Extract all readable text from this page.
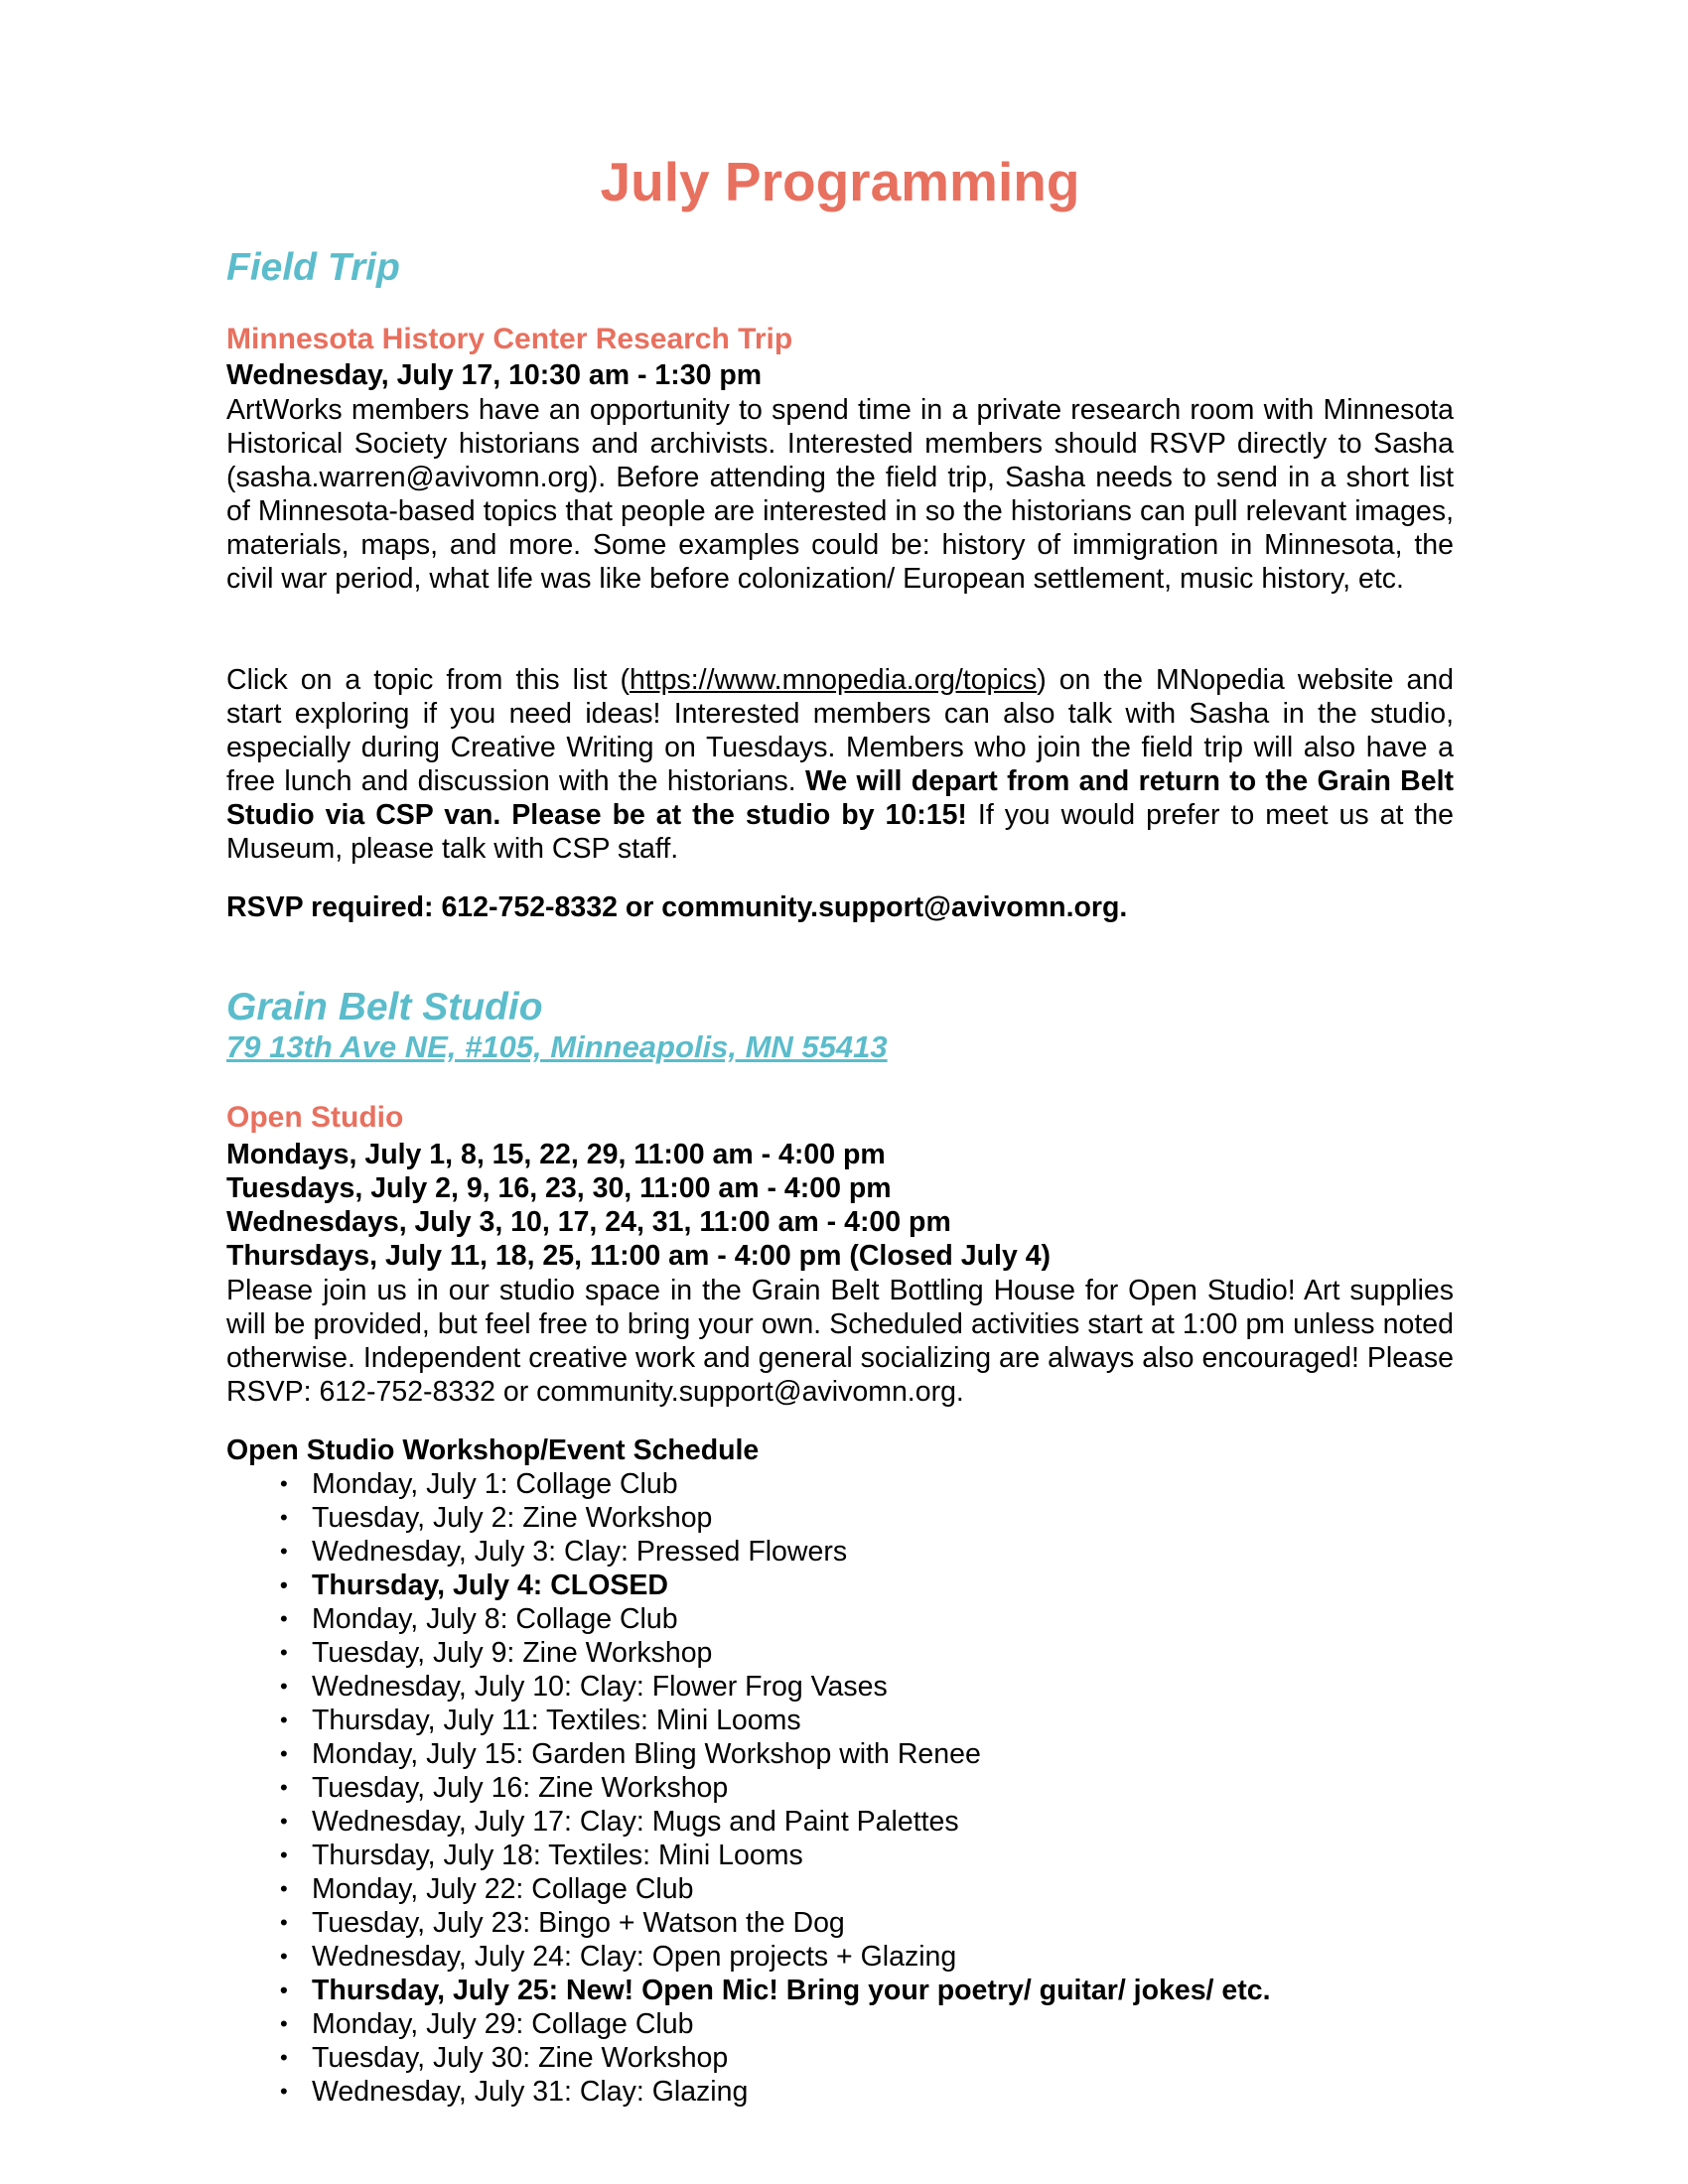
July Programming
Field Trip
Minnesota History Center Research Trip
Wednesday, July 17, 10:30 am - 1:30 pm

ArtWorks members have an opportunity to spend time in a private research room with Minnesota Historical Society historians and archivists. Interested members should RSVP directly to Sasha (sasha.warren@avivomn.org). Before attending the field trip, Sasha needs to send in a short list of Minnesota-based topics that people are interested in so the historians can pull relevant images, materials, maps, and more. Some examples could be: history of immigration in Minnesota, the civil war period, what life was like before colonization/ European settlement, music history, etc.

Click on a topic from this list (https://www.mnopedia.org/topics) on the MNopedia website and start exploring if you need ideas! Interested members can also talk with Sasha in the studio, especially during Creative Writing on Tuesdays. Members who join the field trip will also have a free lunch and discussion with the historians. We will depart from and return to the Grain Belt Studio via CSP van. Please be at the studio by 10:15! If you would prefer to meet us at the Museum, please talk with CSP staff.

RSVP required: 612-752-8332 or community.support@avivomn.org.
Grain Belt Studio
79 13th Ave NE, #105, Minneapolis, MN 55413
Open Studio
Mondays, July 1, 8, 15, 22, 29, 11:00 am - 4:00 pm
Tuesdays, July 2, 9, 16, 23, 30, 11:00 am - 4:00 pm
Wednesdays, July 3, 10, 17, 24, 31, 11:00 am - 4:00 pm
Thursdays, July 11, 18, 25, 11:00 am - 4:00 pm (Closed July 4)

Please join us in our studio space in the Grain Belt Bottling House for Open Studio! Art supplies will be provided, but feel free to bring your own. Scheduled activities start at 1:00 pm unless noted otherwise. Independent creative work and general socializing are always also encouraged! Please RSVP: 612-752-8332 or community.support@avivomn.org.

Open Studio Workshop/Event Schedule
• Monday, July 1: Collage Club
• Tuesday, July 2: Zine Workshop
• Wednesday, July 3: Clay: Pressed Flowers
• Thursday, July 4: CLOSED
• Monday, July 8: Collage Club
• Tuesday, July 9: Zine Workshop
• Wednesday, July 10: Clay: Flower Frog Vases
• Thursday, July 11: Textiles: Mini Looms
• Monday, July 15: Garden Bling Workshop with Renee
• Tuesday, July 16: Zine Workshop
• Wednesday, July 17: Clay: Mugs and Paint Palettes
• Thursday, July 18: Textiles: Mini Looms
• Monday, July 22: Collage Club
• Tuesday, July 23: Bingo + Watson the Dog
• Wednesday, July 24: Clay: Open projects + Glazing
• Thursday, July 25: New! Open Mic! Bring your poetry/ guitar/ jokes/ etc.
• Monday, July 29: Collage Club
• Tuesday, July 30: Zine Workshop
• Wednesday, July 31: Clay: Glazing
